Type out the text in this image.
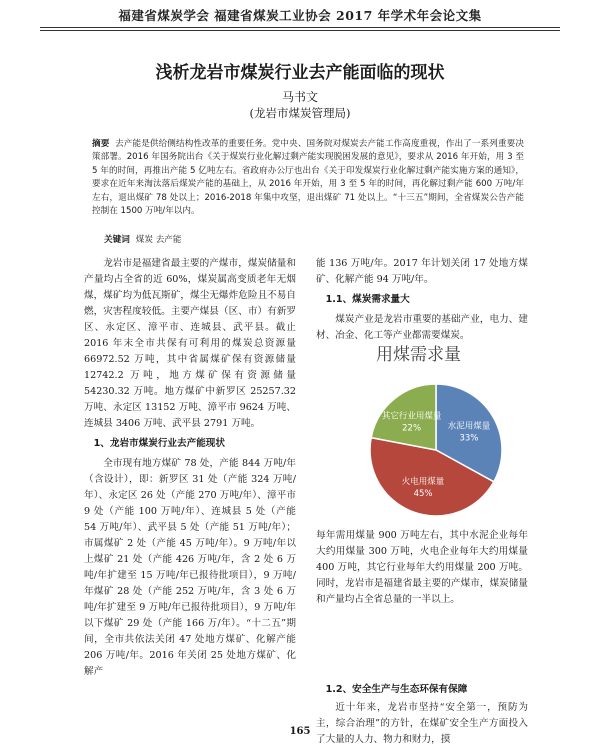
福建省煤炭学会 福建省煤炭工业协会 2017 年学术年会论文集
浅析龙岩市煤炭行业去产能面临的现状
马书文
(龙岩市煤炭管理局)
摘要 去产能是供给侧结构性改革的重要任务。党中央、国务院对煤炭去产能工作高度重视，作出了一系列重要决策部署。2016 年国务院出台《关于煤炭行业化解过剩产能实现脱困发展的意见》，要求从 2016 年开始，用 3 至 5 年的时间，再推出产能 5 亿吨左右。省政府办公厅也出台《关于印发煤炭行业化解过剩产能实施方案的通知》，要求在近年来淘汰落后煤炭产能的基础上，从 2016 年开始，用 3 至 5 年的时间，再化解过剩产能 600 万吨/年左右，退出煤矿 78 处以上；2016-2018 年集中攻坚，退出煤矿 71 处以上。“十三五”期间，全省煤炭公告产能控制在 1500 万吨/年以内。
关键词 煤炭 去产能

龙岩市是福建省最主要的产煤市，煤炭储量和产量均占全省的近 60%，煤炭属高变质老年无烟煤，煤矿均为低瓦斯矿，煤尘无爆炸危险且不易自燃，灾害程度较低。主要产煤县（区、市）有新罗区、永定区、漳平市、连城县、武平县。截止 2016 年末全市共保有可利用的煤炭总资源量 66972.52 万吨，其中省属煤矿保有资源储量 12742.2 万吨，地方煤矿保有资源储量 54230.32 万吨。地方煤矿中新罗区 25257.32 万吨、永定区 13152 万吨、漳平市 9624 万吨、连城县 3406 万吨、武平县 2791 万吨。

1、龙岩市煤炭行业去产能现状

全市现有地方煤矿 78 处，产能 844 万吨/年（含设计），即：新罗区 31 处（产能 324 万吨/年）、永定区 26 处（产能 270 万吨/年）、漳平市 9 处（产能 100 万吨/年）、连城县 5 处（产能 54 万吨/年）、武平县 5 处（产能 51 万吨/年）；市属煤矿 2 处（产能 45 万吨/年）。9 万吨/年以上煤矿 21 处（产能 426 万吨/年，含 2 处 6 万吨/年扩建至 15 万吨/年已报待批项目），9 万吨/年煤矿 28 处（产能 252 万吨/年，含 3 处 6 万吨/年扩建至 9 万吨/年已报待批项目），9 万吨/年以下煤矿 29 处（产能 166 万/年）。“十二五”期间，全市共依法关闭 47 处地方煤矿、化解产能 206 万吨/年。2016 年关闭 25 处地方煤矿、化解产

能 136 万吨/年。2017 年计划关闭 17 处地方煤矿、化解产能 94 万吨/年。

1.1、煤炭需求量大

煤炭产业是龙岩市重要的基础产业，电力、建材、冶金、化工等产业都需要煤炭。

用煤需求量
水泥用煤量
33%
火电用煤量
45%
其它行业用煤量
22%

每年需用煤量 900 万吨左右，其中水泥企业每年大约用煤量 300 万吨，火电企业每年大约用煤量 400 万吨，其它行业每年大约用煤量 200 万吨。同时，龙岩市是福建省最主要的产煤市，煤炭储量和产量均占全省总量的一半以上。

1.2、安全生产与生态环保有保障

近十年来，龙岩市坚持“安全第一，预防为主，综合治理”的方针，在煤矿安全生产方面投入了大量的人力、物力和财力，摸

165
